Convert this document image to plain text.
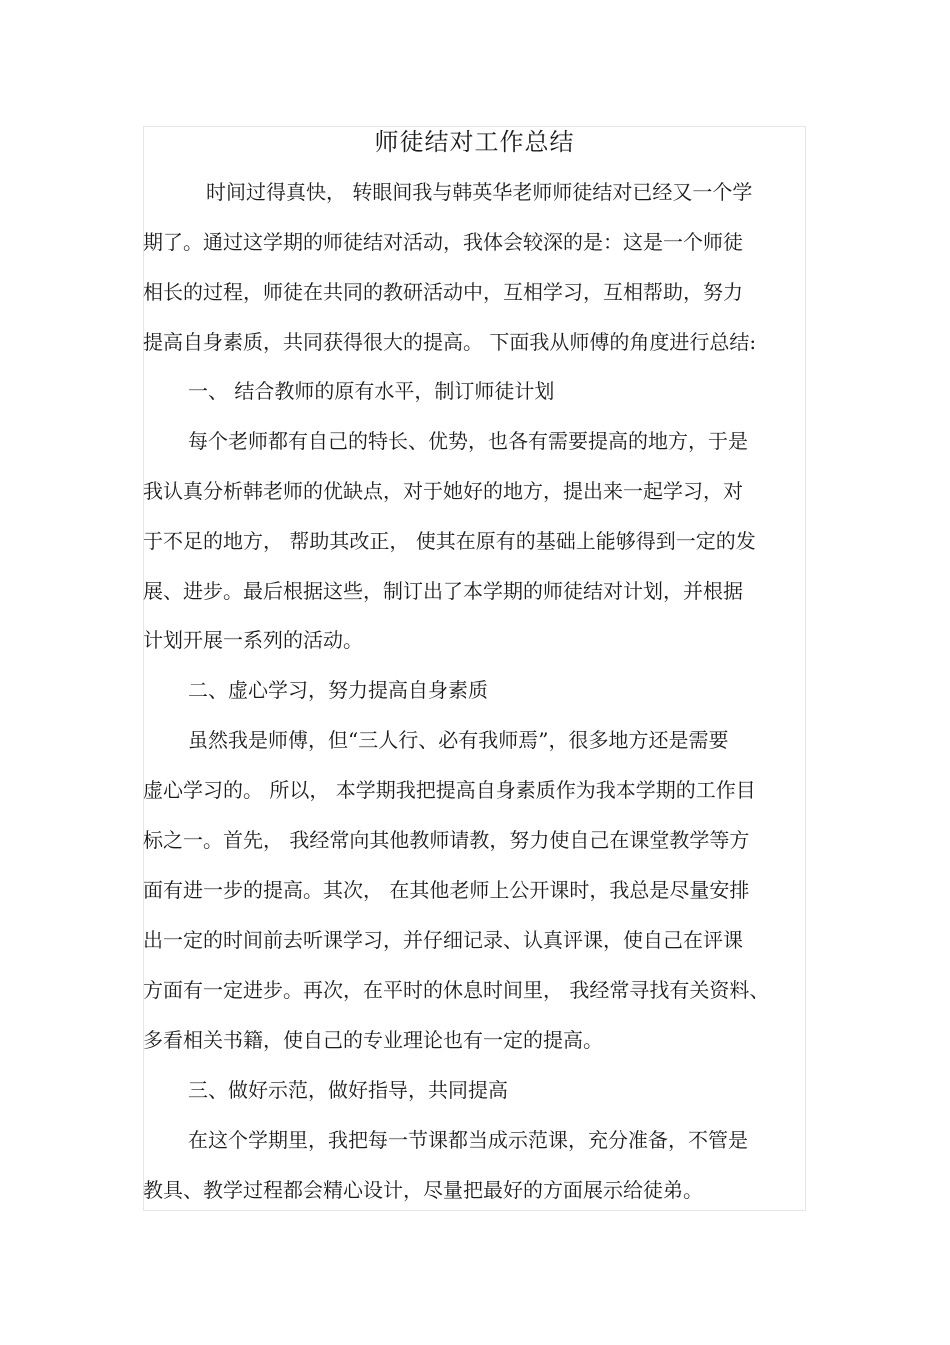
师徒结对工作总结

时间过得真快， 转眼间我与韩英华老师师徒结对已经又一个学

期了。通过这学期的师徒结对活动，我体会较深的是：这是一个师徒

相长的过程，师徒在共同的教研活动中，互相学习，互相帮助，努力

提高自身素质，共同获得很大的提高。 下面我从师傅的角度进行总结:

一、 结合教师的原有水平，制订师徒计划

每个老师都有自己的特长、优势，也各有需要提高的地方，于是

我认真分析韩老师的优缺点，对于她好的地方，提出来一起学习，对

于不足的地方， 帮助其改正， 使其在原有的基础上能够得到一定的发

展、进步。最后根据这些，制订出了本学期的师徒结对计划，并根据

计划开展一系列的活动。

二、虚心学习，努力提高自身素质

虽然我是师傅，但“三人行、必有我师焉”，很多地方还是需要

虚心学习的。 所以， 本学期我把提高自身素质作为我本学期的工作目

标之一。首先， 我经常向其他教师请教，努力使自己在课堂教学等方

面有进一步的提高。其次， 在其他老师上公开课时，我总是尽量安排

出一定的时间前去听课学习，并仔细记录、认真评课，使自己在评课

方面有一定进步。再次，在平时的休息时间里， 我经常寻找有关资料、

多看相关书籍，使自己的专业理论也有一定的提高。

三、做好示范，做好指导，共同提高

在这个学期里，我把每一节课都当成示范课，充分准备，不管是

教具、教学过程都会精心设计，尽量把最好的方面展示给徒弟。
